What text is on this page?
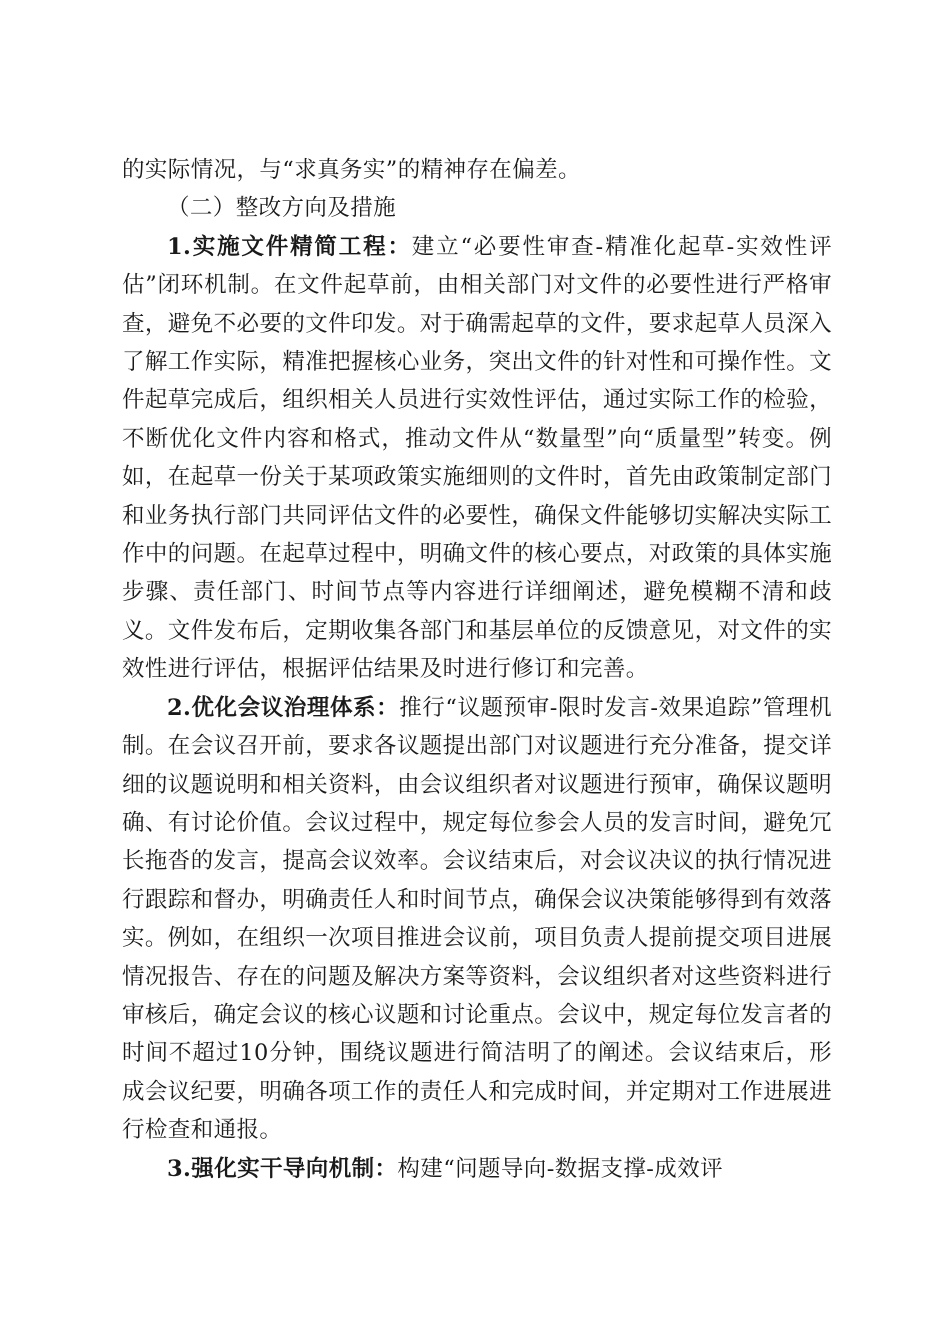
的实际情况，与“求真务实”的精神存在偏差。

（二）整改方向及措施

1.实施文件精简工程：建立“必要性审查-精准化起草-实效性评估”闭环机制。在文件起草前，由相关部门对文件的必要性进行严格审查，避免不必要的文件印发。对于确需起草的文件，要求起草人员深入了解工作实际，精准把握核心业务，突出文件的针对性和可操作性。文件起草完成后，组织相关人员进行实效性评估，通过实际工作的检验，不断优化文件内容和格式，推动文件从“数量型”向“质量型”转变。例如，在起草一份关于某项政策实施细则的文件时，首先由政策制定部门和业务执行部门共同评估文件的必要性，确保文件能够切实解决实际工作中的问题。在起草过程中，明确文件的核心要点，对政策的具体实施步骤、责任部门、时间节点等内容进行详细阐述，避免模糊不清和歧义。文件发布后，定期收集各部门和基层单位的反馈意见，对文件的实效性进行评估，根据评估结果及时进行修订和完善。

2.优化会议治理体系：推行“议题预审-限时发言-效果追踪”管理机制。在会议召开前，要求各议题提出部门对议题进行充分准备，提交详细的议题说明和相关资料，由会议组织者对议题进行预审，确保议题明确、有讨论价值。会议过程中，规定每位参会人员的发言时间，避免冗长拖沓的发言，提高会议效率。会议结束后，对会议决议的执行情况进行跟踪和督办，明确责任人和时间节点，确保会议决策能够得到有效落实。例如，在组织一次项目推进会议前，项目负责人提前提交项目进展情况报告、存在的问题及解决方案等资料，会议组织者对这些资料进行审核后，确定会议的核心议题和讨论重点。会议中，规定每位发言者的时间不超过10分钟，围绕议题进行简洁明了的阐述。会议结束后，形成会议纪要，明确各项工作的责任人和完成时间，并定期对工作进展进行检查和通报。

3.强化实干导向机制：构建“问题导向-数据支撑-成效评
